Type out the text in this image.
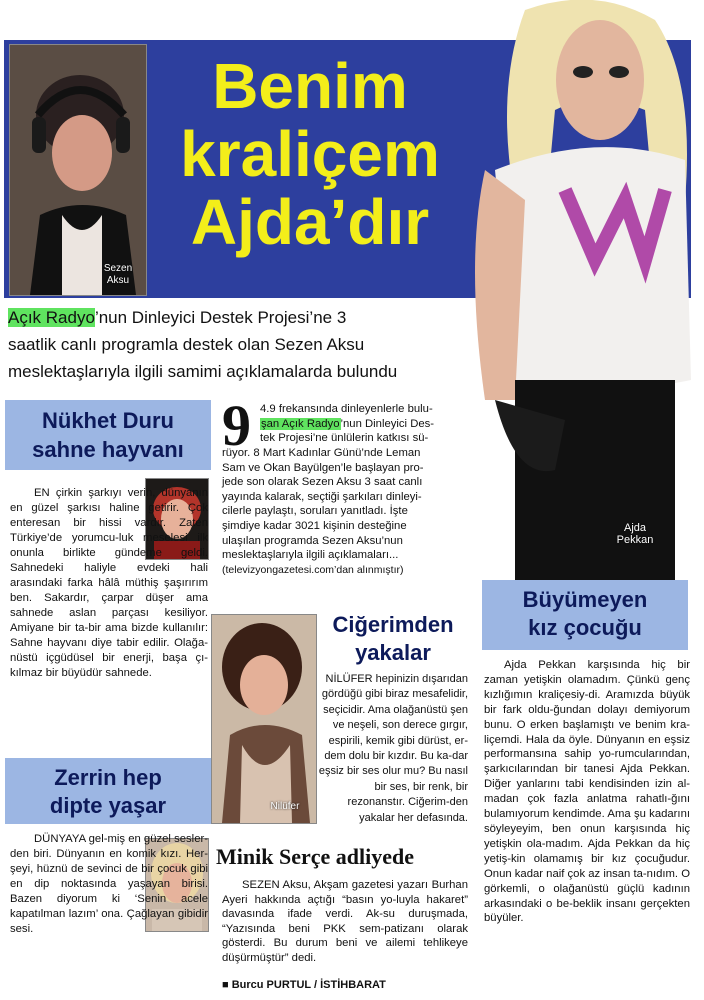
Sezen Aksu
Benim
kraliçem
Ajda’dır
Ajda Pekkan
Açık Radyo’nun Dinleyici Destek Projesi’ne 3
saatlik canlı programla destek olan Sezen Aksu
meslektaşlarıyla ilgili samimi açıklamalarda bulundu
Nükhet Duru
sahne hayvanı
EN çirkin şarkıyı verin, dünyanın en güzel şarkısı haline getirir. Çok enteresan bir hissi vardır. Zaten Türkiye’de yorumcu-luk meselesi ilk onunla birlikte gündeme geldi. Sahnedeki haliyle evdeki hali arasındaki farka hâlâ müthiş şaşırırım ben. Sakardır, çarpar düşer ama sahnede aslan parçası kesiliyor. Amiyane bir ta-bir ama bizde kullanılır: Sahne hayvanı diye tabir edilir. Olağa-nüstü içgüdüsel bir enerji, başa çı-kılmaz bir büyüdür sahnede.
Zerrin hep
dipte yaşar
DÜNYAYA gel-miş en güzel sesler-den biri. Dünyanın en komik kızı. Her-şeyi, hüznü de sevinci de bir çocuk gibi en dip noktasında yaşayan birisi. Bazen diyorum ki ‘Senin acele kapatılman lazım’ ona. Çağlayan gibidir sesi.
9 4.9 frekansında dinleyenlerle bulu-

şan Açık Radyo’nun Dinleyici Des-

tek Projesi’ne ünlülerin katkısı sü-

rüyor. 8 Mart Kadınlar Günü’nde Leman

Sam ve Okan Bayülgen’le başlayan pro-

jede son olarak Sezen Aksu 3 saat canlı

yayında kalarak, seçtiği şarkıları dinleyi-

cilerle paylaştı, soruları yanıtladı. İşte

şimdiye kadar 3021 kişinin desteğine

ulaşılan programda Sezen Aksu’nun

meslektaşlarıyla ilgili açıklamaları...

(televizyongazetesi.com’dan alınmıştır)

Nilüfer
Ciğerimden
yakalar
NİLÜFER hepinizin dışarıdan gördüğü gibi biraz mesafelidir, seçicidir. Ama olağanüstü şen ve neşeli, son derece gırgır, espirili, kemik gibi dürüst, er-dem dolu bir kızdır. Bu ka-dar eşsiz bir ses olur mu? Bu nasıl bir ses, bir renk, bir rezonanstır. Ciğerim-den yakalar her defasında.
Minik Serçe adliyede
SEZEN Aksu, Akşam gazetesi yazarı Burhan Ayeri hakkında açtığı “basın yo-luyla hakaret” davasında ifade verdi. Ak-su duruşmada, “Yazısında beni PKK sem-patizanı olarak gösterdi. Bu durum beni ve ailemi tehlikeye düşürmüştür” dedi.
■ Burcu PURTUL / İSTİHBARAT
Büyümeyen
kız çocuğu
Ajda Pekkan karşısında hiç bir zaman yetişkin olamadım. Çünkü genç kızlığımın kraliçesiy-di. Aramızda büyük bir fark oldu-ğundan dolayı demiyorum bunu. O erken başlamıştı ve benim kra-liçemdi. Hala da öyle. Dünyanın en eşsiz performansına sahip yo-rumcularından, şarkıcılarından bir tanesi Ajda Pekkan. Diğer yanlarını tabi kendisinden izin al-madan çok fazla anlatma rahatlı-ğını bulamıyorum kendimde. Ama şu kadarını söyleyeyim, ben onun karşısında hiç yetişkin ola-madım. Ajda Pekkan da hiç yetiş-kin olamamış bir kız çocuğudur. Onun kadar naif çok az insan ta-nıdım. O görkemli, o olağanüstü güçlü kadının arkasındaki o be-beklik insanı gerçekten büyüler.
